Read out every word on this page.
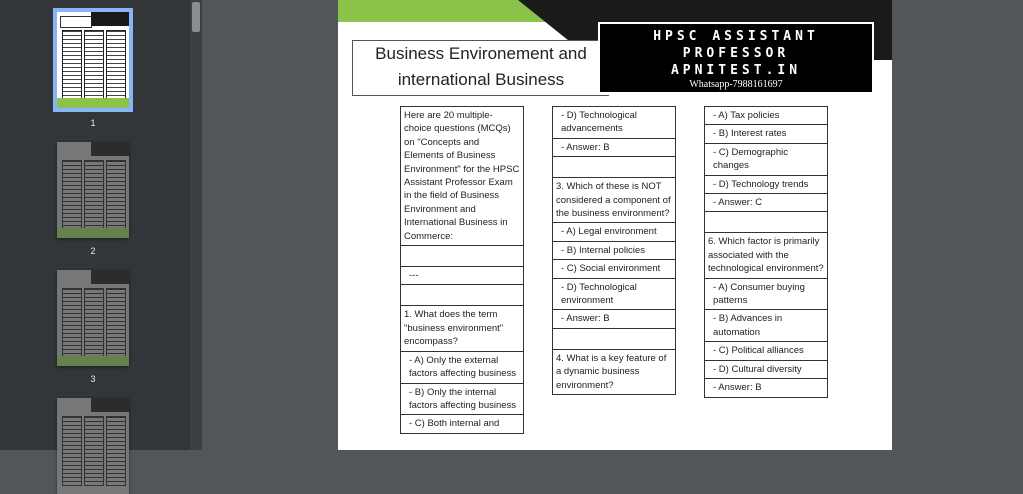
1
2
3
Business Environement and
international Business
HPSC ASSISTANT
PROFESSOR
APNITEST.IN
Whatsapp-7988161697
Here are 20 multiple-choice questions (MCQs) on "Concepts and Elements of Business Environment" for the HPSC Assistant Professor Exam in the field of Business Environment and International Business in Commerce:
---
1. What does the term "business environment" encompass?
- A) Only the external factors affecting business
- B) Only the internal factors affecting business
- C) Both internal and
- D) Technological advancements
- Answer: B
3. Which of these is NOT considered a component of the business environment?
- A) Legal environment
- B) Internal policies
- C) Social environment
- D) Technological environment
- Answer: B
4. What is a key feature of a dynamic business environment?
- A) Tax policies
- B) Interest rates
- C) Demographic changes
- D) Technology trends
- Answer: C
6. Which factor is primarily associated with the technological environment?
- A) Consumer buying patterns
- B) Advances in automation
- C) Political alliances
- D) Cultural diversity
- Answer: B
